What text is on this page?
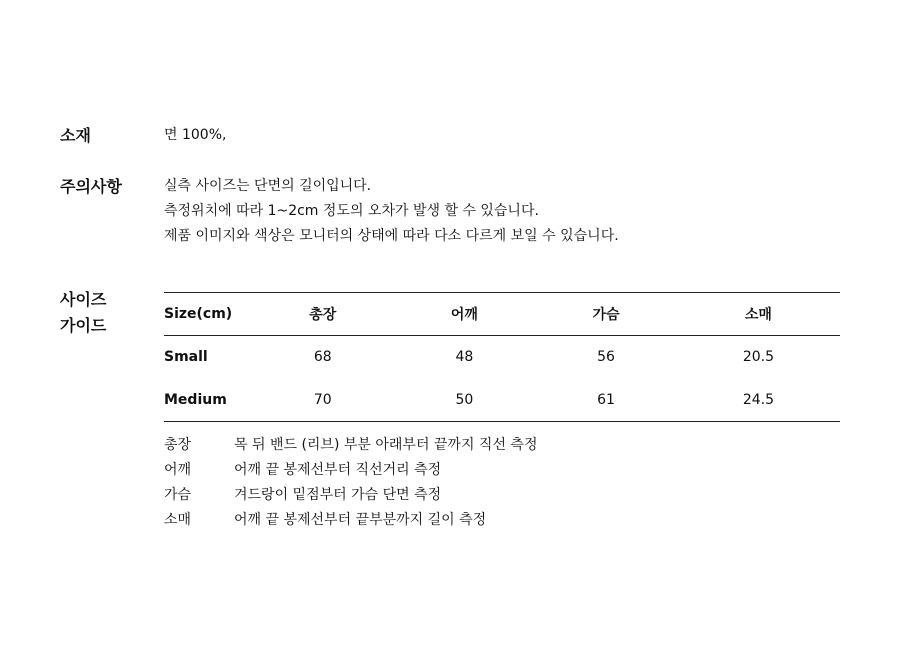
소재	면 100%,
주의사항	실측 사이즈는 단면의 길이입니다.
측정위치에 따라 1~2cm 정도의 오차가 발생 할 수 있습니다.
제품 이미지와 색상은 모니터의 상태에 따라 다소 다르게 보일 수 있습니다.
사이즈
가이드
Size(cm)	총장	어깨	가슴	소매
Small	68	48	56	20.5
Medium	70	50	61	24.5
총장	목 뒤 밴드 (리브) 부분 아래부터 끝까지 직선 측정
어깨	어깨 끝 봉제선부터 직선거리 측정
가슴	겨드랑이 밑점부터 가슴 단면 측정
소매	어깨 끝 봉제선부터 끝부분까지 길이 측정
